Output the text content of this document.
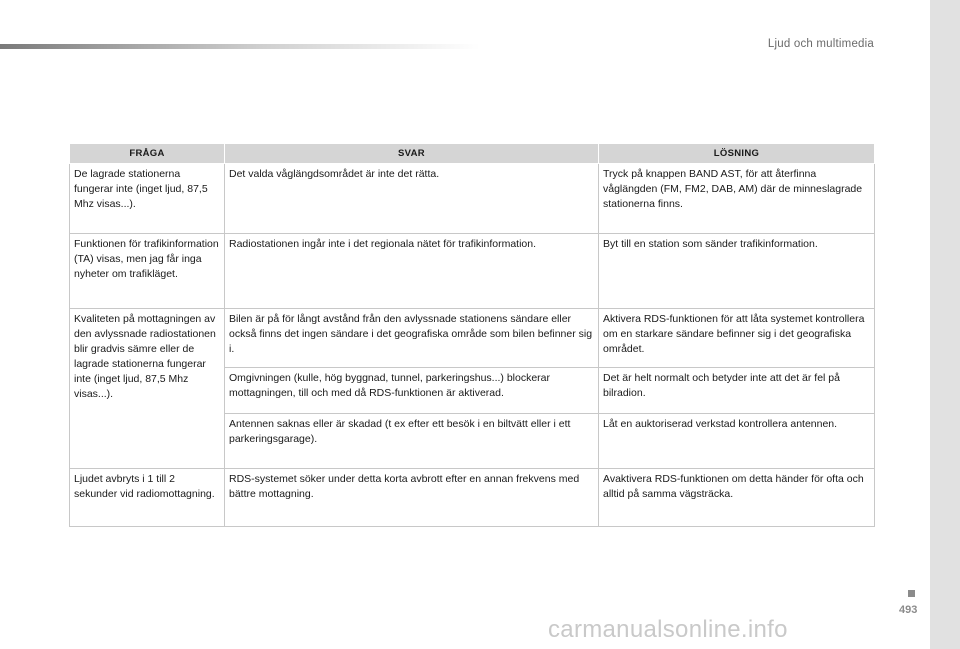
Ljud och multimedia
FRÅGA	SVAR	LÖSNING
De lagrade stationerna fungerar inte (inget ljud, 87,5 Mhz visas...).	Det valda våglängdsområdet är inte det rätta.	Tryck på knappen BAND AST, för att återfinna våglängden (FM, FM2, DAB, AM) där de minneslagrade stationerna finns.
Funktionen för trafikinformation (TA) visas, men jag får inga nyheter om trafikläget.	Radiostationen ingår inte i det regionala nätet för trafikinformation.	Byt till en station som sänder trafikinformation.
Kvaliteten på mottagningen av den avlyssnade radiostationen blir gradvis sämre eller de lagrade stationerna fungerar inte (inget ljud, 87,5 Mhz visas...).	Bilen är på för långt avstånd från den avlyssnade stationens sändare eller också finns det ingen sändare i det geografiska område som bilen befinner sig i.	Aktivera RDS-funktionen för att låta systemet kontrollera om en starkare sändare befinner sig i det geografiska området.
	Omgivningen (kulle, hög byggnad, tunnel, parkeringshus...) blockerar mottagningen, till och med då RDS-funktionen är aktiverad.	Det är helt normalt och betyder inte att det är fel på bilradion.
	Antennen saknas eller är skadad (t ex efter ett besök i en biltvätt eller i ett parkeringsgarage).	Låt en auktoriserad verkstad kontrollera antennen.
Ljudet avbryts i 1 till 2 sekunder vid radiomottagning.	RDS-systemet söker under detta korta avbrott efter en annan frekvens med bättre mottagning.	Avaktivera RDS-funktionen om detta händer för ofta och alltid på samma vägsträcka.
493
carmanualsonline.info
